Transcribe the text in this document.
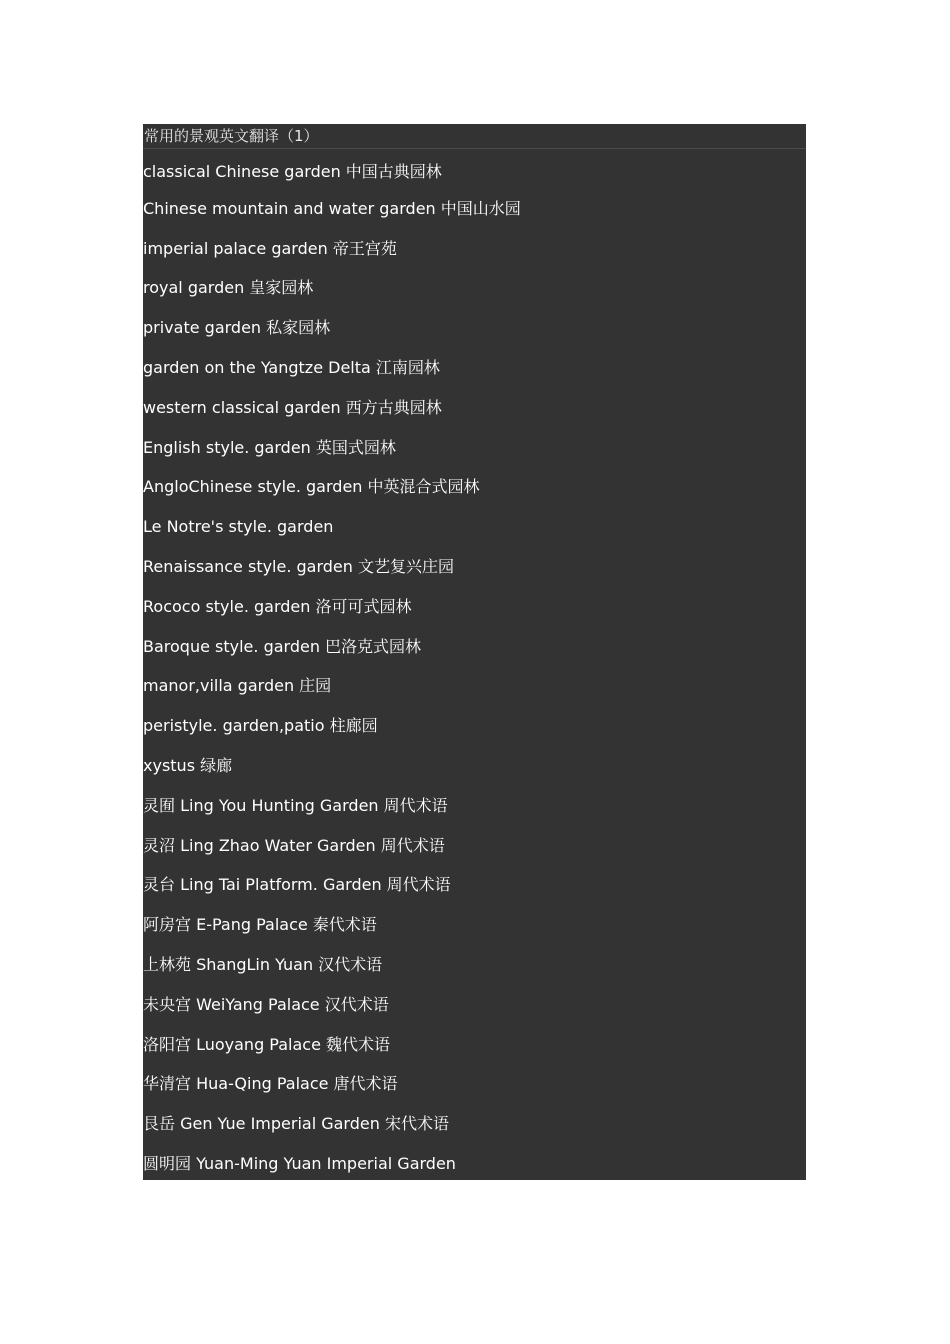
常用的景观英文翻译（1）
classical Chinese garden 中国古典园林
Chinese mountain and water garden 中国山水园
imperial palace garden 帝王宫苑
royal garden 皇家园林
private garden 私家园林
garden on the Yangtze Delta 江南园林
western classical garden 西方古典园林
English style. garden 英国式园林
AngloChinese style. garden 中英混合式园林
Le Notre's style. garden
Renaissance style. garden 文艺复兴庄园
Rococo style. garden 洛可可式园林
Baroque style. garden 巴洛克式园林
manor,villa garden 庄园
peristyle. garden,patio 柱廊园
xystus 绿廊
灵囿 Ling You Hunting Garden 周代术语
灵沼 Ling Zhao Water Garden 周代术语
灵台 Ling Tai Platform. Garden 周代术语
阿房宫 E-Pang Palace 秦代术语
上林苑 ShangLin Yuan 汉代术语
未央宫 WeiYang Palace 汉代术语
洛阳宫 Luoyang Palace 魏代术语
华清宫 Hua-Qing Palace 唐代术语
艮岳 Gen Yue Imperial Garden 宋代术语
圆明园 Yuan-Ming Yuan Imperial Garden
